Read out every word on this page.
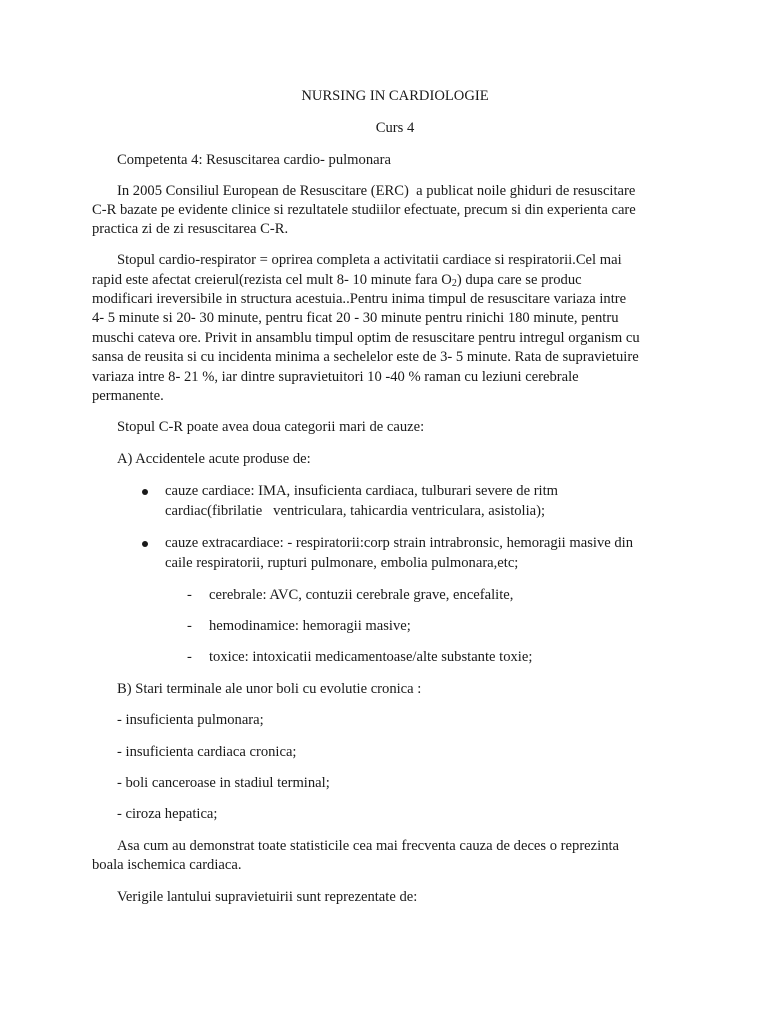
NURSING IN CARDIOLOGIE
Curs 4
Competenta 4: Resuscitarea cardio- pulmonara
In 2005 Consiliul European de Resuscitare (ERC)  a publicat noile ghiduri de resuscitare
C-R bazate pe evidente clinice si rezultatele studiilor efectuate, precum si din experienta care
practica zi de zi resuscitarea C-R.
Stopul cardio-respirator = oprirea completa a activitatii cardiace si respiratorii.Cel mai
rapid este afectat creierul(rezista cel mult 8- 10 minute fara $O_2$) dupa care se produc
modificari ireversibile in structura acestuia..Pentru inima timpul de resuscitare variaza intre
4- 5 minute si 20- 30 minute, pentru ficat 20 - 30 minute pentru rinichi 180 minute, pentru
muschi cateva ore. Privit in ansamblu timpul optim de resuscitare pentru intregul organism cu
sansa de reusita si cu incidenta minima a sechelelor este de 3- 5 minute. Rata de supravietuire
variaza intre 8- 21 %, iar dintre supravietuitori 10 -40 % raman cu leziuni cerebrale
permanente.
Stopul C-R poate avea doua categorii mari de cauze:
A) Accidentele acute produse de:
cauze cardiace: IMA, insuficienta cardiaca, tulburari severe de ritm
cardiac(fibrilatie   ventriculara, tahicardia ventriculara, asistolia);
cauze extracardiace: - respiratorii:corp strain intrabronsic, hemoragii masive din
caile respiratorii, rupturi pulmonare, embolia pulmonara,etc;
- cerebrale: AVC, contuzii cerebrale grave, encefalite,
- hemodinamice: hemoragii masive;
- toxice: intoxicatii medicamentoase/alte substante toxie;
B) Stari terminale ale unor boli cu evolutie cronica :
- insuficienta pulmonara;
- insuficienta cardiaca cronica;
- boli canceroase in stadiul terminal;
- ciroza hepatica;
Asa cum au demonstrat toate statisticile cea mai frecventa cauza de deces o reprezinta
boala ischemica cardiaca.
Verigile lantului supravietuirii sunt reprezentate de:
